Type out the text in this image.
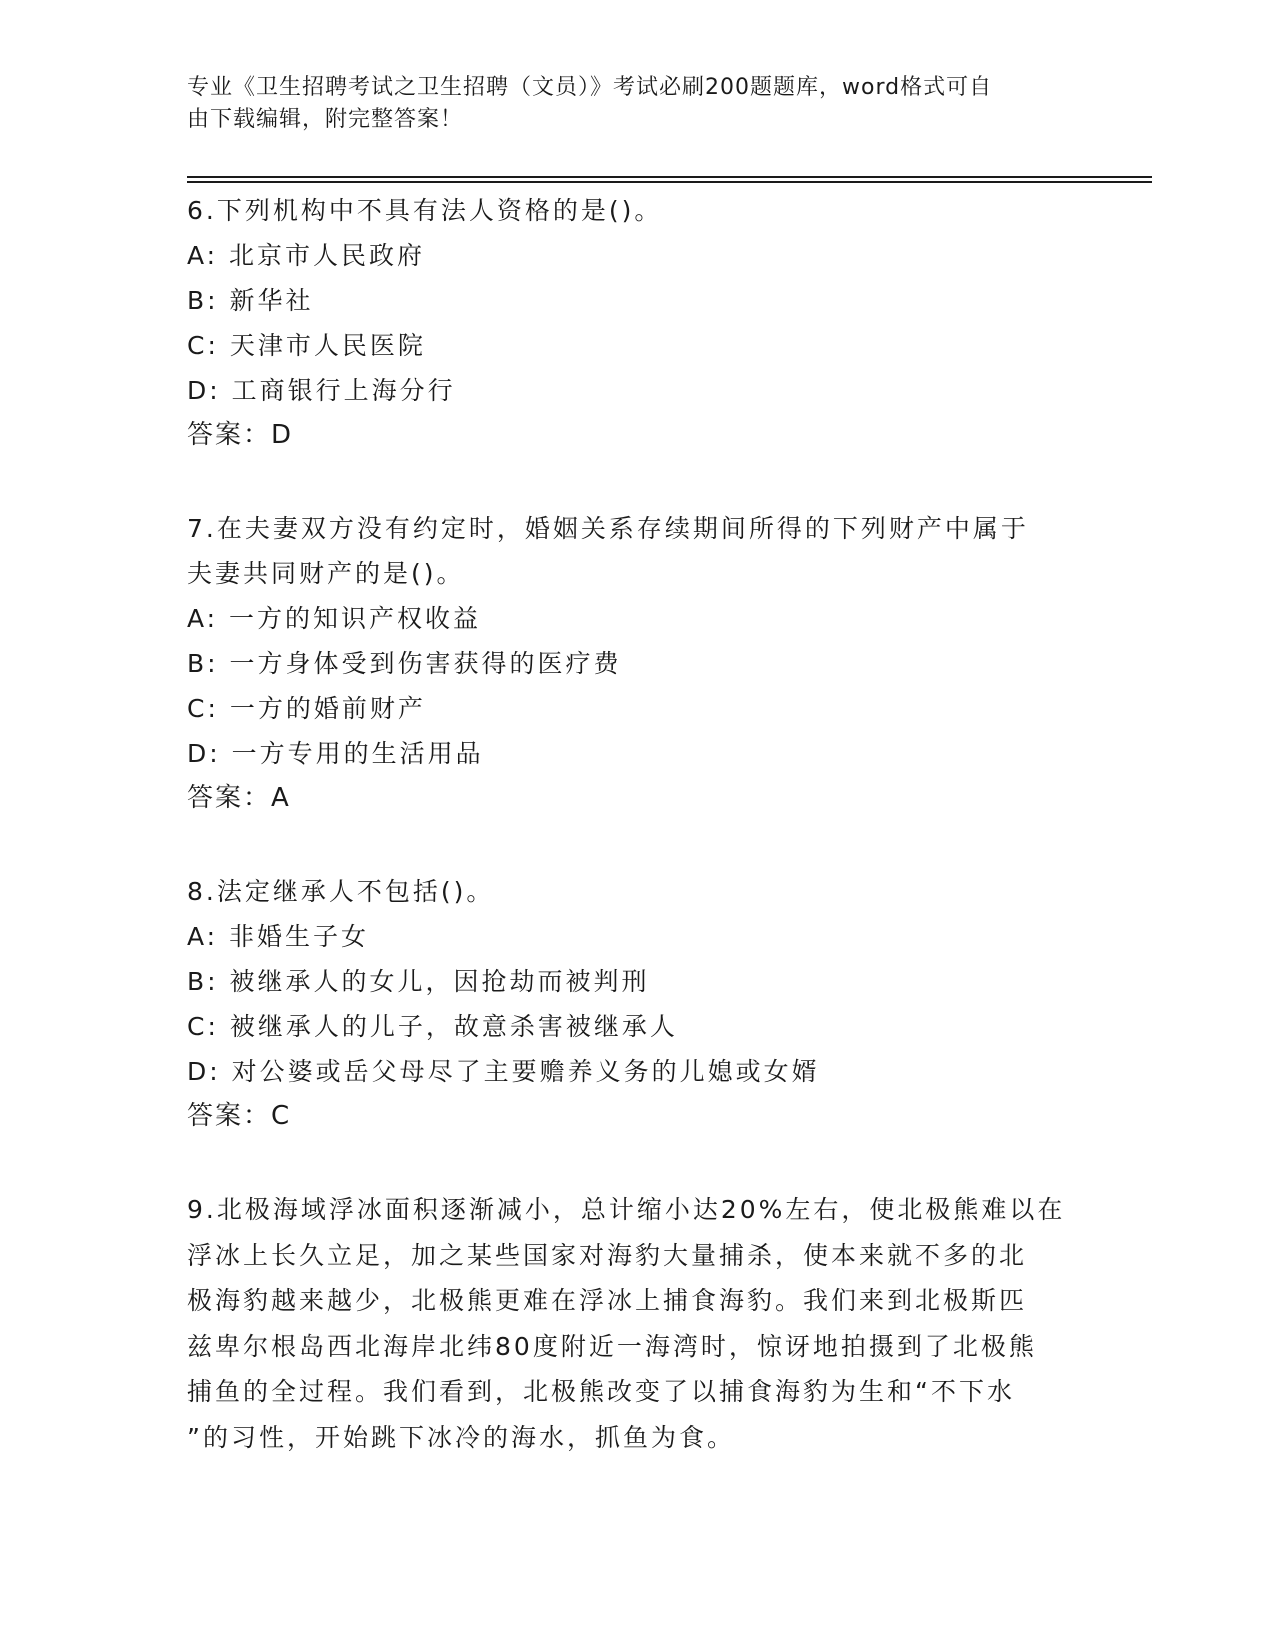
专业《卫生招聘考试之卫生招聘（文员）》考试必刷200题题库，word格式可自
由下载编辑，附完整答案！
6.下列机构中不具有法人资格的是()。
A: 北京市人民政府
B: 新华社
C: 天津市人民医院
D: 工商银行上海分行
答案：D
7.在夫妻双方没有约定时，婚姻关系存续期间所得的下列财产中属于
夫妻共同财产的是()。
A: 一方的知识产权收益
B: 一方身体受到伤害获得的医疗费
C: 一方的婚前财产
D: 一方专用的生活用品
答案：A
8.法定继承人不包括()。
A: 非婚生子女
B: 被继承人的女儿，因抢劫而被判刑
C: 被继承人的儿子，故意杀害被继承人
D: 对公婆或岳父母尽了主要赡养义务的儿媳或女婿
答案：C
9.北极海域浮冰面积逐渐减小，总计缩小达20%左右，使北极熊难以在
浮冰上长久立足，加之某些国家对海豹大量捕杀，使本来就不多的北
极海豹越来越少，北极熊更难在浮冰上捕食海豹。我们来到北极斯匹
兹卑尔根岛西北海岸北纬80度附近一海湾时，惊讶地拍摄到了北极熊
捕鱼的全过程。我们看到，北极熊改变了以捕食海豹为生和“不下水
”的习性，开始跳下冰冷的海水，抓鱼为食。
